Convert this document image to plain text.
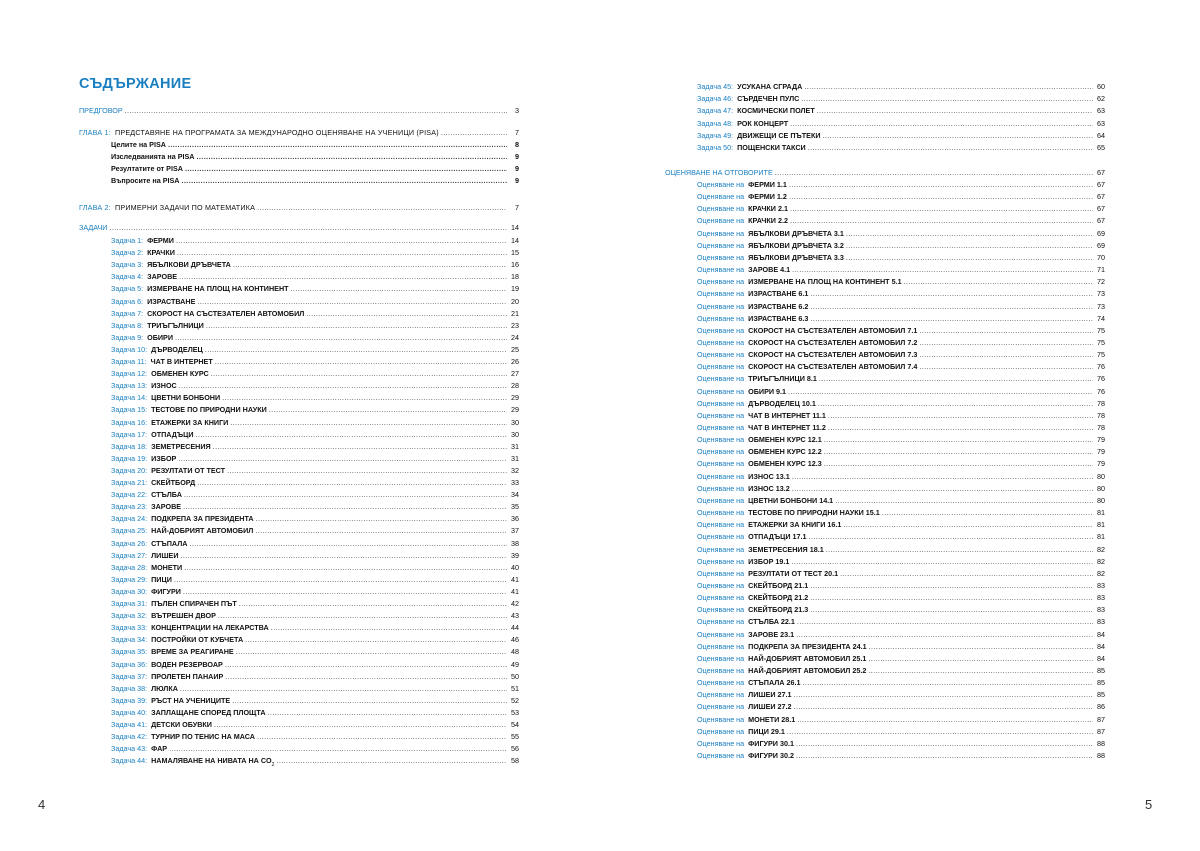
СЪДЪРЖАНИЕ
ПРЕДГОВОР .....	3
ГЛАВА 1: ПРЕДСТАВЯНЕ НА ПРОГРАМАТА ЗА МЕЖДУНАРОДНО ОЦЕНЯВАНЕ НА УЧЕНИЦИ (PISA) .....	7
Целите на PISA .....	8
Изследванията на PISA .....	9
Резултатите от PISA .....	9
Въпросите на PISA .....	9
ГЛАВА 2: ПРИМЕРНИ ЗАДАЧИ ПО МАТЕМАТИКА .....	7
ЗАДАЧИ .....	14
Задача 1: ФЕРМИ .....	14
Задача 2: КРАЧКИ .....	15
Задача 3: ЯБЪЛКОВИ ДРЪВЧЕТА .....	16
Задача 4: ЗАРОВЕ .....	18
Задача 5: ИЗМЕРВАНЕ НА ПЛОЩ НА КОНТИНЕНТ .....	19
Задача 6: ИЗРАСТВАНЕ .....	20
Задача 7: СКОРОСТ НА СЪСТЕЗАТЕЛЕН АВТОМОБИЛ .....	21
Задача 8: ТРИЪГЪЛНИЦИ .....	23
Задача 9: ОБИРИ .....	24
Задача 10: ДЪРВОДЕЛЕЦ .....	25
Задача 11: ЧАТ В ИНТЕРНЕТ .....	26
Задача 12: ОБМЕНЕН КУРС .....	27
Задача 13: ИЗНОС .....	28
Задача 14: ЦВЕТНИ БОНБОНИ .....	29
Задача 15: ТЕСТОВЕ ПО ПРИРОДНИ НАУКИ .....	29
Задача 16: ЕТАЖЕРКИ ЗА КНИГИ .....	30
Задача 17: ОТПАДЪЦИ .....	30
Задача 18: ЗЕМЕТРЕСЕНИЯ .....	31
Задача 19: ИЗБОР .....	31
Задача 20: РЕЗУЛТАТИ ОТ ТЕСТ .....	32
Задача 21: СКЕЙТБОРД .....	33
Задача 22: СТЪЛБА .....	34
Задача 23: ЗАРОВЕ .....	35
Задача 24: ПОДКРЕПА ЗА ПРЕЗИДЕНТА .....	36
Задача 25: НАЙ-ДОБРИЯТ АВТОМОБИЛ .....	37
Задача 26: СТЪПАЛА .....	38
Задача 27: ЛИШЕИ .....	39
Задача 28: МОНЕТИ .....	40
Задача 29: ПИЦИ .....	41
Задача 30: ФИГУРИ .....	41
Задача 31: ПЪЛЕН СПИРАЧЕН ПЪТ .....	42
Задача 32: ВЪТРЕШЕН ДВОР .....	43
Задача 33: КОНЦЕНТРАЦИИ НА ЛЕКАРСТВА .....	44
Задача 34: ПОСТРОЙКИ ОТ КУБЧЕТА .....	46
Задача 35: ВРЕМЕ ЗА РЕАГИРАНЕ .....	48
Задача 36: ВОДЕН РЕЗЕРВОАР .....	49
Задача 37: ПРОЛЕТЕН ПАНАИР .....	50
Задача 38: ЛЮЛКА .....	51
Задача 39: РЪСТ НА УЧЕНИЦИТЕ .....	52
Задача 40: ЗАПЛАЩАНЕ СПОРЕД ПЛОЩТА .....	53
Задача 41: ДЕТСКИ ОБУВКИ .....	54
Задача 42: ТУРНИР ПО ТЕНИС НА МАСА .....	55
Задача 43: ФАР .....	56
Задача 44: НАМАЛЯВАНЕ НА НИВАТА НА CO 2 .....	58
4
Задача 45: УСУКАНА СГРАДА .....	60
Задача 46: СЪРДЕЧЕН ПУЛС .....	62
Задача 47: КОСМИЧЕСКИ ПОЛЕТ .....	63
Задача 48: РОК КОНЦЕРТ .....	63
Задача 49: ДВИЖЕЩИ СЕ ПЪТЕКИ .....	64
Задача 50: ПОЩЕНСКИ ТАКСИ .....	65
ОЦЕНЯВАНЕ НА ОТГОВОРИТЕ .....	67
Оценяване на ФЕРМИ 1.1 .....	67
Оценяване на ФЕРМИ 1.2 .....	67
Оценяване на КРАЧКИ 2.1 .....	67
Оценяване на КРАЧКИ 2.2 .....	67
Оценяване на ЯБЪЛКОВИ ДРЪВЧЕТА 3.1 .....	69
Оценяване на ЯБЪЛКОВИ ДРЪВЧЕТА 3.2 .....	69
Оценяване на ЯБЪЛКОВИ ДРЪВЧЕТА 3.3 .....	70
Оценяване на ЗАРОВЕ 4.1 .....	71
Оценяване на ИЗМЕРВАНЕ НА ПЛОЩ НА КОНТИНЕНТ 5.1 .....	72
Оценяване на ИЗРАСТВАНЕ 6.1 .....	73
Оценяване на ИЗРАСТВАНЕ 6.2 .....	73
Оценяване на ИЗРАСТВАНЕ 6.3 .....	74
Оценяване на СКОРОСТ НА СЪСТЕЗАТЕЛЕН АВТОМОБИЛ 7.1 .....	75
Оценяване на СКОРОСТ НА СЪСТЕЗАТЕЛЕН АВТОМОБИЛ 7.2 .....	75
Оценяване на СКОРОСТ НА СЪСТЕЗАТЕЛЕН АВТОМОБИЛ 7.3 .....	75
Оценяване на СКОРОСТ НА СЪСТЕЗАТЕЛЕН АВТОМОБИЛ 7.4 .....	76
Оценяване на ТРИЪГЪЛНИЦИ 8.1 .....	76
Оценяване на ОБИРИ 9.1 .....	76
Оценяване на ДЪРВОДЕЛЕЦ 10.1 .....	78
Оценяване на ЧАТ В ИНТЕРНЕТ 11.1 .....	78
Оценяване на ЧАТ В ИНТЕРНЕТ 11.2 .....	78
Оценяване на ОБМЕНЕН КУРС 12.1 .....	79
Оценяване на ОБМЕНЕН КУРС 12.2 .....	79
Оценяване на ОБМЕНЕН КУРС 12.3 .....	79
Оценяване на ИЗНОС 13.1 .....	80
Оценяване на ИЗНОС 13.2 .....	80
Оценяване на ЦВЕТНИ БОНБОНИ 14.1 .....	80
Оценяване на ТЕСТОВЕ ПО ПРИРОДНИ НАУКИ 15.1 .....	81
Оценяване на ЕТАЖЕРКИ ЗА КНИГИ 16.1 .....	81
Оценяване на ОТПАДЪЦИ 17.1 .....	81
Оценяване на ЗЕМЕТРЕСЕНИЯ 18.1 .....	82
Оценяване на ИЗБОР 19.1 .....	82
Оценяване на РЕЗУЛТАТИ ОТ ТЕСТ 20.1 .....	82
Оценяване на СКЕЙТБОРД 21.1 .....	83
Оценяване на СКЕЙТБОРД 21.2 .....	83
Оценяване на СКЕЙТБОРД 21.3 .....	83
Оценяване на СТЪЛБА 22.1 .....	83
Оценяване на ЗАРОВЕ 23.1 .....	84
Оценяване на ПОДКРЕПА ЗА ПРЕЗИДЕНТА 24.1 .....	84
Оценяване на НАЙ-ДОБРИЯТ АВТОМОБИЛ 25.1 .....	84
Оценяване на НАЙ-ДОБРИЯТ АВТОМОБИЛ 25.2 .....	85
Оценяване на СТЪПАЛА 26.1 .....	85
Оценяване на ЛИШЕИ 27.1 .....	85
Оценяване на ЛИШЕИ 27.2 .....	86
Оценяване на МОНЕТИ 28.1 .....	87
Оценяване на ПИЦИ 29.1 .....	87
Оценяване на ФИГУРИ 30.1 .....	88
Оценяване на ФИГУРИ 30.2 .....	88
5
